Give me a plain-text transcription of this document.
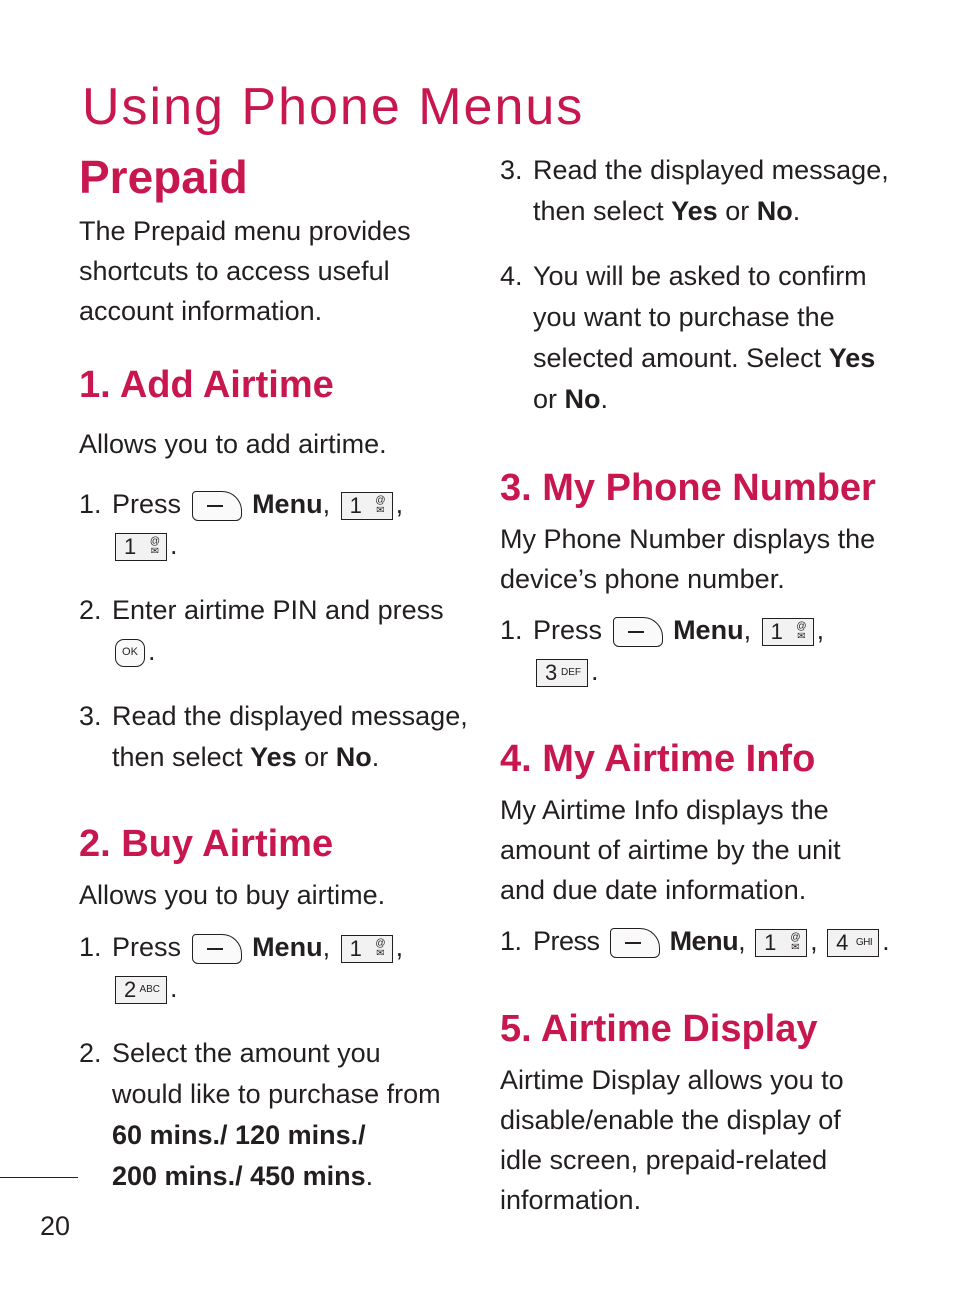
Using Phone Menus
Prepaid

The Prepaid menu provides shortcuts to access useful account information.

1. Add Airtime

Allows you to add airtime.

1. Press	Menu, 1 @
✉ ,
1 @
✉ .
2. Enter airtime PIN and press
OK .
3. Read the displayed message,
then select Yes or No.
2. Buy Airtime

Allows you to buy airtime.

1. Press	Menu, 1 @
✉ ,
2 ABC .
2. Select the amount you
would like to purchase from
60 mins./ 120 mins./
200 mins./ 450 mins.
3. Read the displayed message,
then select Yes or No.
4. You will be asked to confirm
you want to purchase the
selected amount. Select Yes
or No.
3. My Phone Number

My Phone Number displays the device’s phone number.

1. Press	Menu, 1 @
✉ ,
3 DEF .
4. My Airtime Info

My Airtime Info displays the amount of airtime by the unit and due date information.

1. Press	Menu, 1 @
✉ , 4 GHI .
5. Airtime Display

Airtime Display allows you to disable/enable the display of idle screen, prepaid-related information.

20
